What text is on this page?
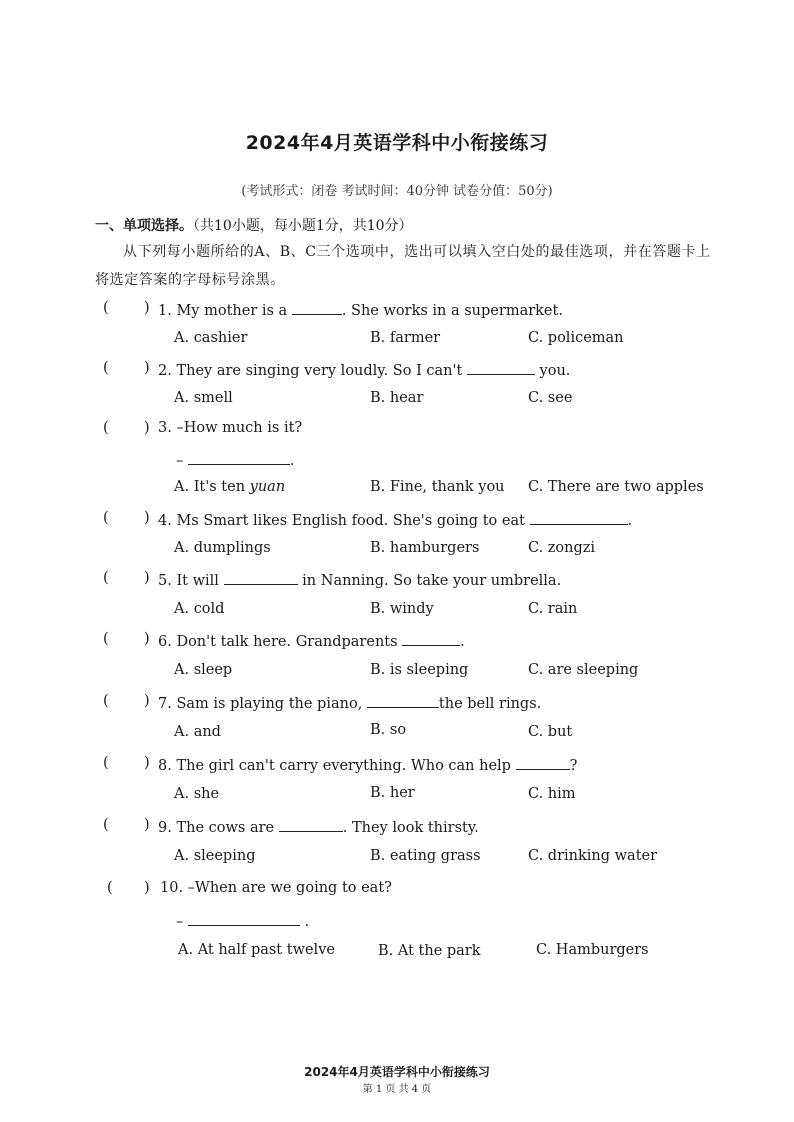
2024年4月英语学科中小衔接练习
(考试形式：闭卷 考试时间：40分钟 试卷分值：50分)
一、单项选择。（共10小题，每小题1分，共10分）
从下列每小题所给的A、B、C三个选项中，选出可以填入空白处的最佳选项，并在答题卡上将选定答案的字母标号涂黑。
( ) 1. My mother is a	. She works in a supermarket.
A. cashier	B. farmer	C. policeman
( ) 2. They are singing very loudly. So I can't	you.
A. smell	B. hear	C. see
( ) 3. –How much is it?
–	.
A. It's ten yuan	B. Fine, thank you C. There are two apples
( ) 4. Ms Smart likes English food. She's going to eat	.
A. dumplings	B. hamburgers	C. zongzi
( ) 5. It will	in Nanning. So take your umbrella.
A. cold	B. windy	C. rain
( ) 6. Don't talk here. Grandparents	.
A. sleep	B. is sleeping	C. are sleeping
( ) 7. Sam is playing the piano,	the bell rings.
A. and	B. so	C. but
( ) 8. The girl can't carry everything. Who can help	?
A. she	B. her	C. him
( ) 9. The cows are	. They look thirsty.
A. sleeping	B. eating grass	C. drinking water
( ) 10. –When are we going to eat?
–	.
A. At half past twelve	B. At the park	C. Hamburgers
2024年4月英语学科中小衔接练习
第 1 页 共 4 页
